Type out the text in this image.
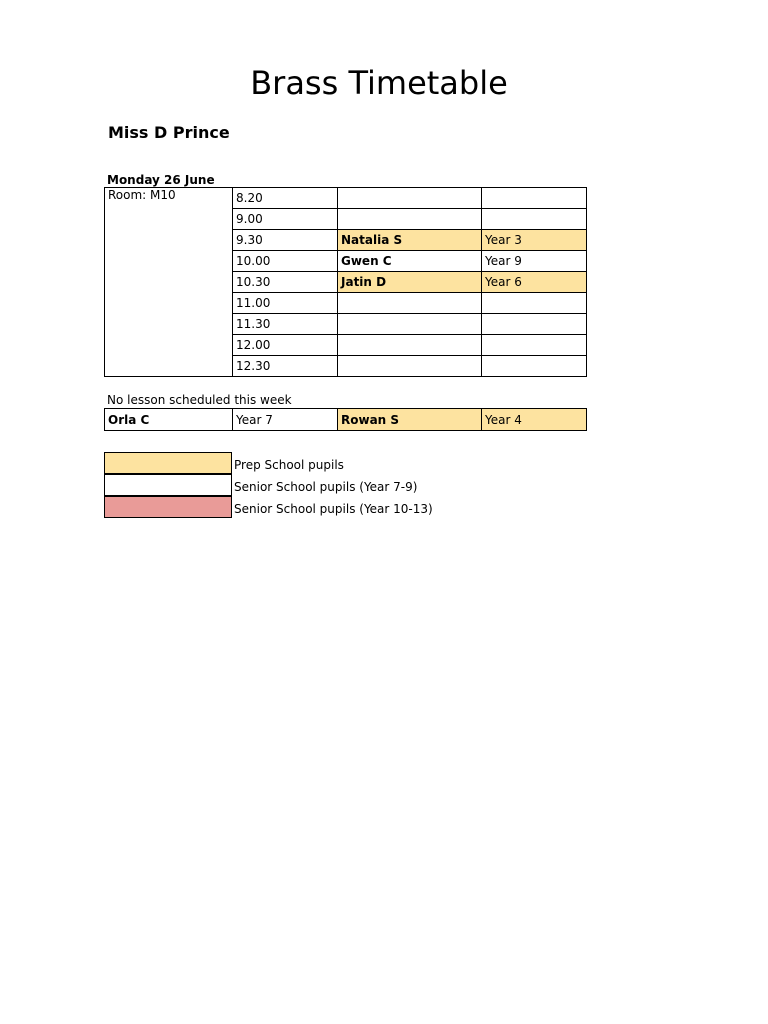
Brass Timetable
Miss D Prince
Monday 26 June
Room: M10	8.20		
	9.00		
	9.30	Natalia S	Year 3
	10.00	Gwen C	Year 9
	10.30	Jatin D	Year 6
	11.00		
	11.30		
	12.00		
	12.30		
No lesson scheduled this week
Orla C	Year 7	Rowan S	Year 4
Prep School pupils
Senior School pupils (Year 7-9)
Senior School pupils (Year 10-13)
